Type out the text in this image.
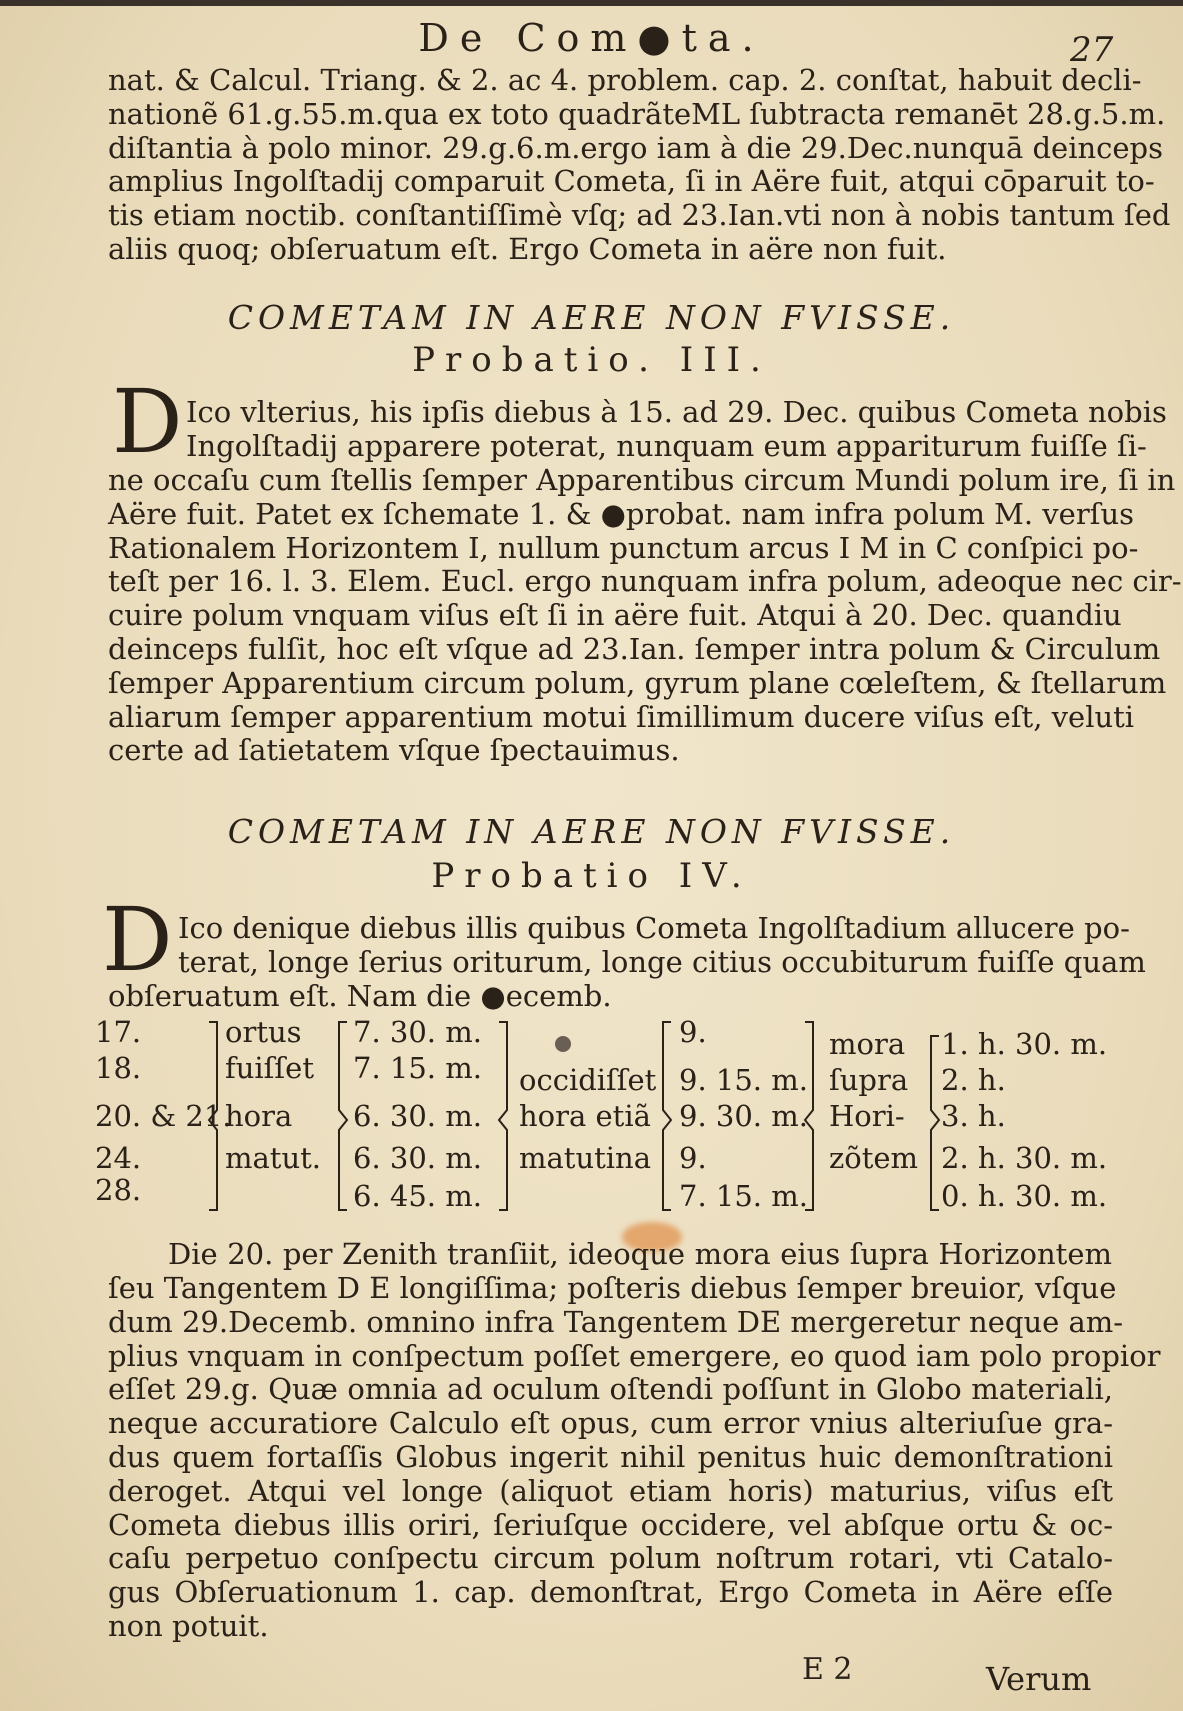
De Com●ta.	27
nat. & Calcul. Triang. & 2. ac 4. problem. cap. 2. conſtat, habuit decli-
nationẽ 61.g.55.m.qua ex toto quadrãteML ſubtracta remanēt 28.g.5.m.
diſtantia à polo minor. 29.g.6.m.ergo iam à die 29.Dec.nunquā deinceps
amplius Ingolſtadij comparuit Cometa, ſi in Aëre fuit, atqui cōparuit to-
tis etiam noctib. conſtantiſſimè vſq; ad 23.Ian.vti non à nobis tantum ſed
aliis quoq; obſeruatum eſt. Ergo Cometa in aëre non fuit.
COMETAM IN AERE NON FVISSE.
Probatio. III.
D Ico vlterius, his ipſis diebus à 15. ad 29. Dec. quibus Cometa nobis
Ingolſtadij apparere poterat, nunquam eum appariturum fuiſſe ſi-
ne occaſu cum ſtellis ſemper Apparentibus circum Mundi polum ire, ſi in
Aëre fuit. Patet ex ſchemate 1. & ●probat. nam infra polum M. verſus
Rationalem Horizontem I, nullum punctum arcus I M in C conſpici po-
teſt per 16. l. 3. Elem. Eucl. ergo nunquam infra polum, adeoque nec cir-
cuire polum vnquam viſus eſt ſi in aëre fuit. Atqui à 20. Dec. quandiu
deinceps fulſit, hoc eſt vſque ad 23.Ian. ſemper intra polum & Circulum
ſemper Apparentium circum polum, gyrum plane cœleſtem, & ſtellarum
aliarum ſemper apparentium motui ſimillimum ducere viſus eſt, veluti
certe ad ſatietatem vſque ſpectauimus.
COMETAM IN AERE NON FVISSE.
Probatio IV.
D Ico denique diebus illis quibus Cometa Ingolſtadium allucere po-
terat, longe ſerius oriturum, longe citius occubiturum fuiſſe quam
obſeruatum eſt. Nam die ●ecemb.
17.
18.
20. & 21.
24.
28.
ortus
fuiſſet
hora
matut.
7. 30. m.
7. 15. m.
6. 30. m.
6. 30. m.
6. 45. m.
occidiſſet
hora etiã
matutina
9.
9. 15. m.
9. 30. m.
9.
7. 15. m.
mora
ſupra
Hori-
zõtem
1. h. 30. m.
2. h.
3. h.
2. h. 30. m.
0. h. 30. m.
Die 20. per Zenith tranſiit, ideoque mora eius ſupra Horizontem
ſeu Tangentem D E longiſſima; poſteris diebus ſemper breuior, vſque
dum 29.Decemb. omnino infra Tangentem DE mergeretur neque am-
plius vnquam in conſpectum poſſet emergere, eo quod iam polo propior
eſſet 29.g. Quæ omnia ad oculum oſtendi poſſunt in Globo materiali,
neque accuratiore Calculo eſt opus, cum error vnius alteriuſue gra-
dus quem fortaſſis Globus ingerit nihil penitus huic demonſtrationi
deroget. Atqui vel longe (aliquot etiam horis) maturius, viſus eſt
Cometa diebus illis oriri, ſeriuſque occidere, vel abſque ortu & oc-
caſu perpetuo conſpectu circum polum noſtrum rotari, vti Catalo-
gus Obſeruationum 1. cap. demonſtrat, Ergo Cometa in Aëre eſſe
non potuit.
E 2	Verum
